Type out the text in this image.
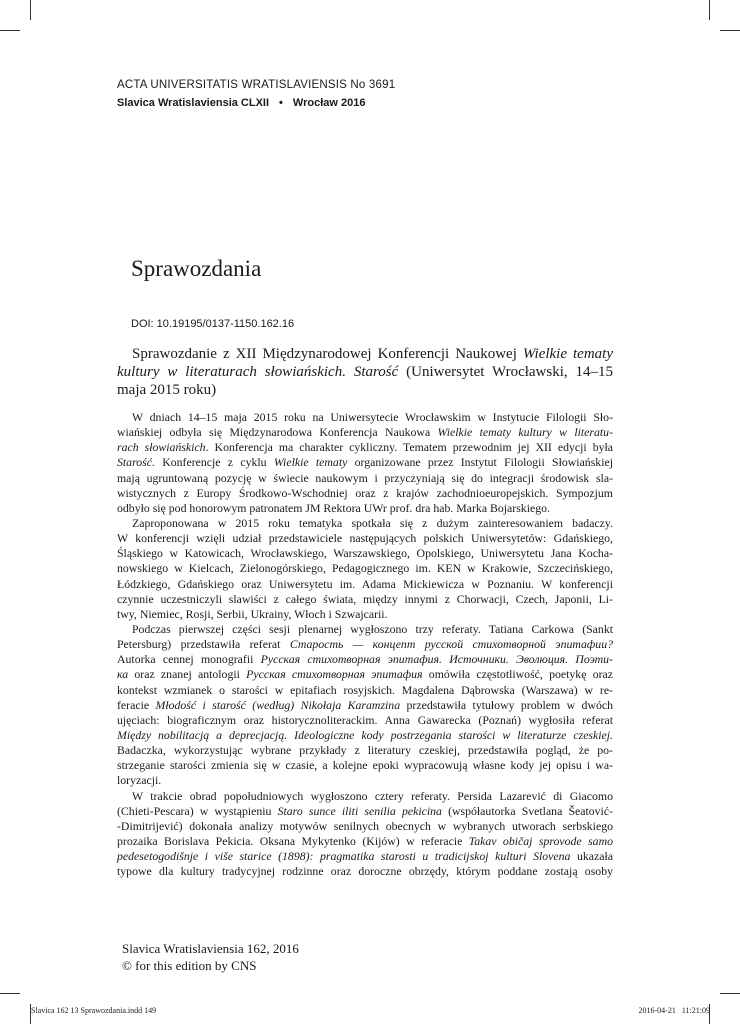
ACTA UNIVERSITATIS WRATISLAVIENSIS No 3691
Slavica Wratislaviensia CLXII • Wrocław 2016
Sprawozdania
DOI: 10.19195/0137-1150.162.16
Sprawozdanie z XII Międzynarodowej Konferencji Naukowej Wielkie tematy kultury w literaturach słowiańskich. Starość (Uniwersytet Wrocławski, 14–15 maja 2015 roku)
W dniach 14–15 maja 2015 roku na Uniwersytecie Wrocławskim w Instytucie Filologii Sło-
wiańskiej odbyła się Międzynarodowa Konferencja Naukowa Wielkie tematy kultury w literatu-
rach słowiańskich. Konferencja ma charakter cykliczny. Tematem przewodnim jej XII edycji była
Starość. Konferencje z cyklu Wielkie tematy organizowane przez Instytut Filologii Słowiańskiej
mają ugruntowaną pozycję w świecie naukowym i przyczyniają się do integracji środowisk sla-
wistycznych z Europy Środkowo-Wschodniej oraz z krajów zachodnioeuropejskich. Sympozjum
odbyło się pod honorowym patronatem JM Rektora UWr prof. dra hab. Marka Bojarskiego.
Zaproponowana w 2015 roku tematyka spotkała się z dużym zainteresowaniem badaczy.
W konferencji wzięli udział przedstawiciele następujących polskich Uniwersytetów: Gdańskiego,
Śląskiego w Katowicach, Wrocławskiego, Warszawskiego, Opolskiego, Uniwersytetu Jana Kocha-
nowskiego w Kielcach, Zielonogórskiego, Pedagogicznego im. KEN w Krakowie, Szczecińskiego,
Łódzkiego, Gdańskiego oraz Uniwersytetu im. Adama Mickiewicza w Poznaniu. W konferencji
czynnie uczestniczyli slawiści z całego świata, między innymi z Chorwacji, Czech, Japonii, Li-
twy, Niemiec, Rosji, Serbii, Ukrainy, Włoch i Szwajcarii.
Podczas pierwszej części sesji plenarnej wygłoszono trzy referaty. Tatiana Carkowa (Sankt
Petersburg) przedstawiła referat Старость — концепт русской стихотворной эпитафии?
Autorka cennej monografii Русская стихотворная эпитафия. Источники. Эволюция. Поэти-
ка oraz znanej antologii Русская стихотворная эпитафия omówiła częstotliwość, poetykę oraz
kontekst wzmianek o starości w epitafiach rosyjskich. Magdalena Dąbrowska (Warszawa) w re-
feracie Młodość i starość (według) Nikołaja Karamzina przedstawiła tytułowy problem w dwóch
ujęciach: biograficznym oraz historycznoliterackim. Anna Gawarecka (Poznań) wygłosiła referat
Między nobilitacją a deprecjacją. Ideologiczne kody postrzegania starości w literaturze czeskiej.
Badaczka, wykorzystując wybrane przykłady z literatury czeskiej, przedstawiła pogląd, że po-
strzeganie starości zmienia się w czasie, a kolejne epoki wypracowują własne kody jej opisu i wa-
loryzacji.
W trakcie obrad popołudniowych wygłoszono cztery referaty. Persida Lazarević di Giacomo
(Chieti-Pescara) w wystąpieniu Staro sunce iliti senilia pekicina (współautorka Svetlana Šeatović-
-Dimitrijević) dokonała analizy motywów senilnych obecnych w wybranych utworach serbskiego
prozaika Borislava Pekicia. Oksana Mykytenko (Kijów) w referacie Takav običaj sprovode samo
pedesetogodišnje i više starice (1898): pragmatika starosti u tradicijskoj kulturi Slovena ukazała
typowe dla kultury tradycyjnej rodzinne oraz doroczne obrzędy, którym poddane zostają osoby
Slavica Wratislaviensia 162, 2016
© for this edition by CNS
Slavica 162 13 Sprawozdania.indd 149	2016-04-21 11:21:09
